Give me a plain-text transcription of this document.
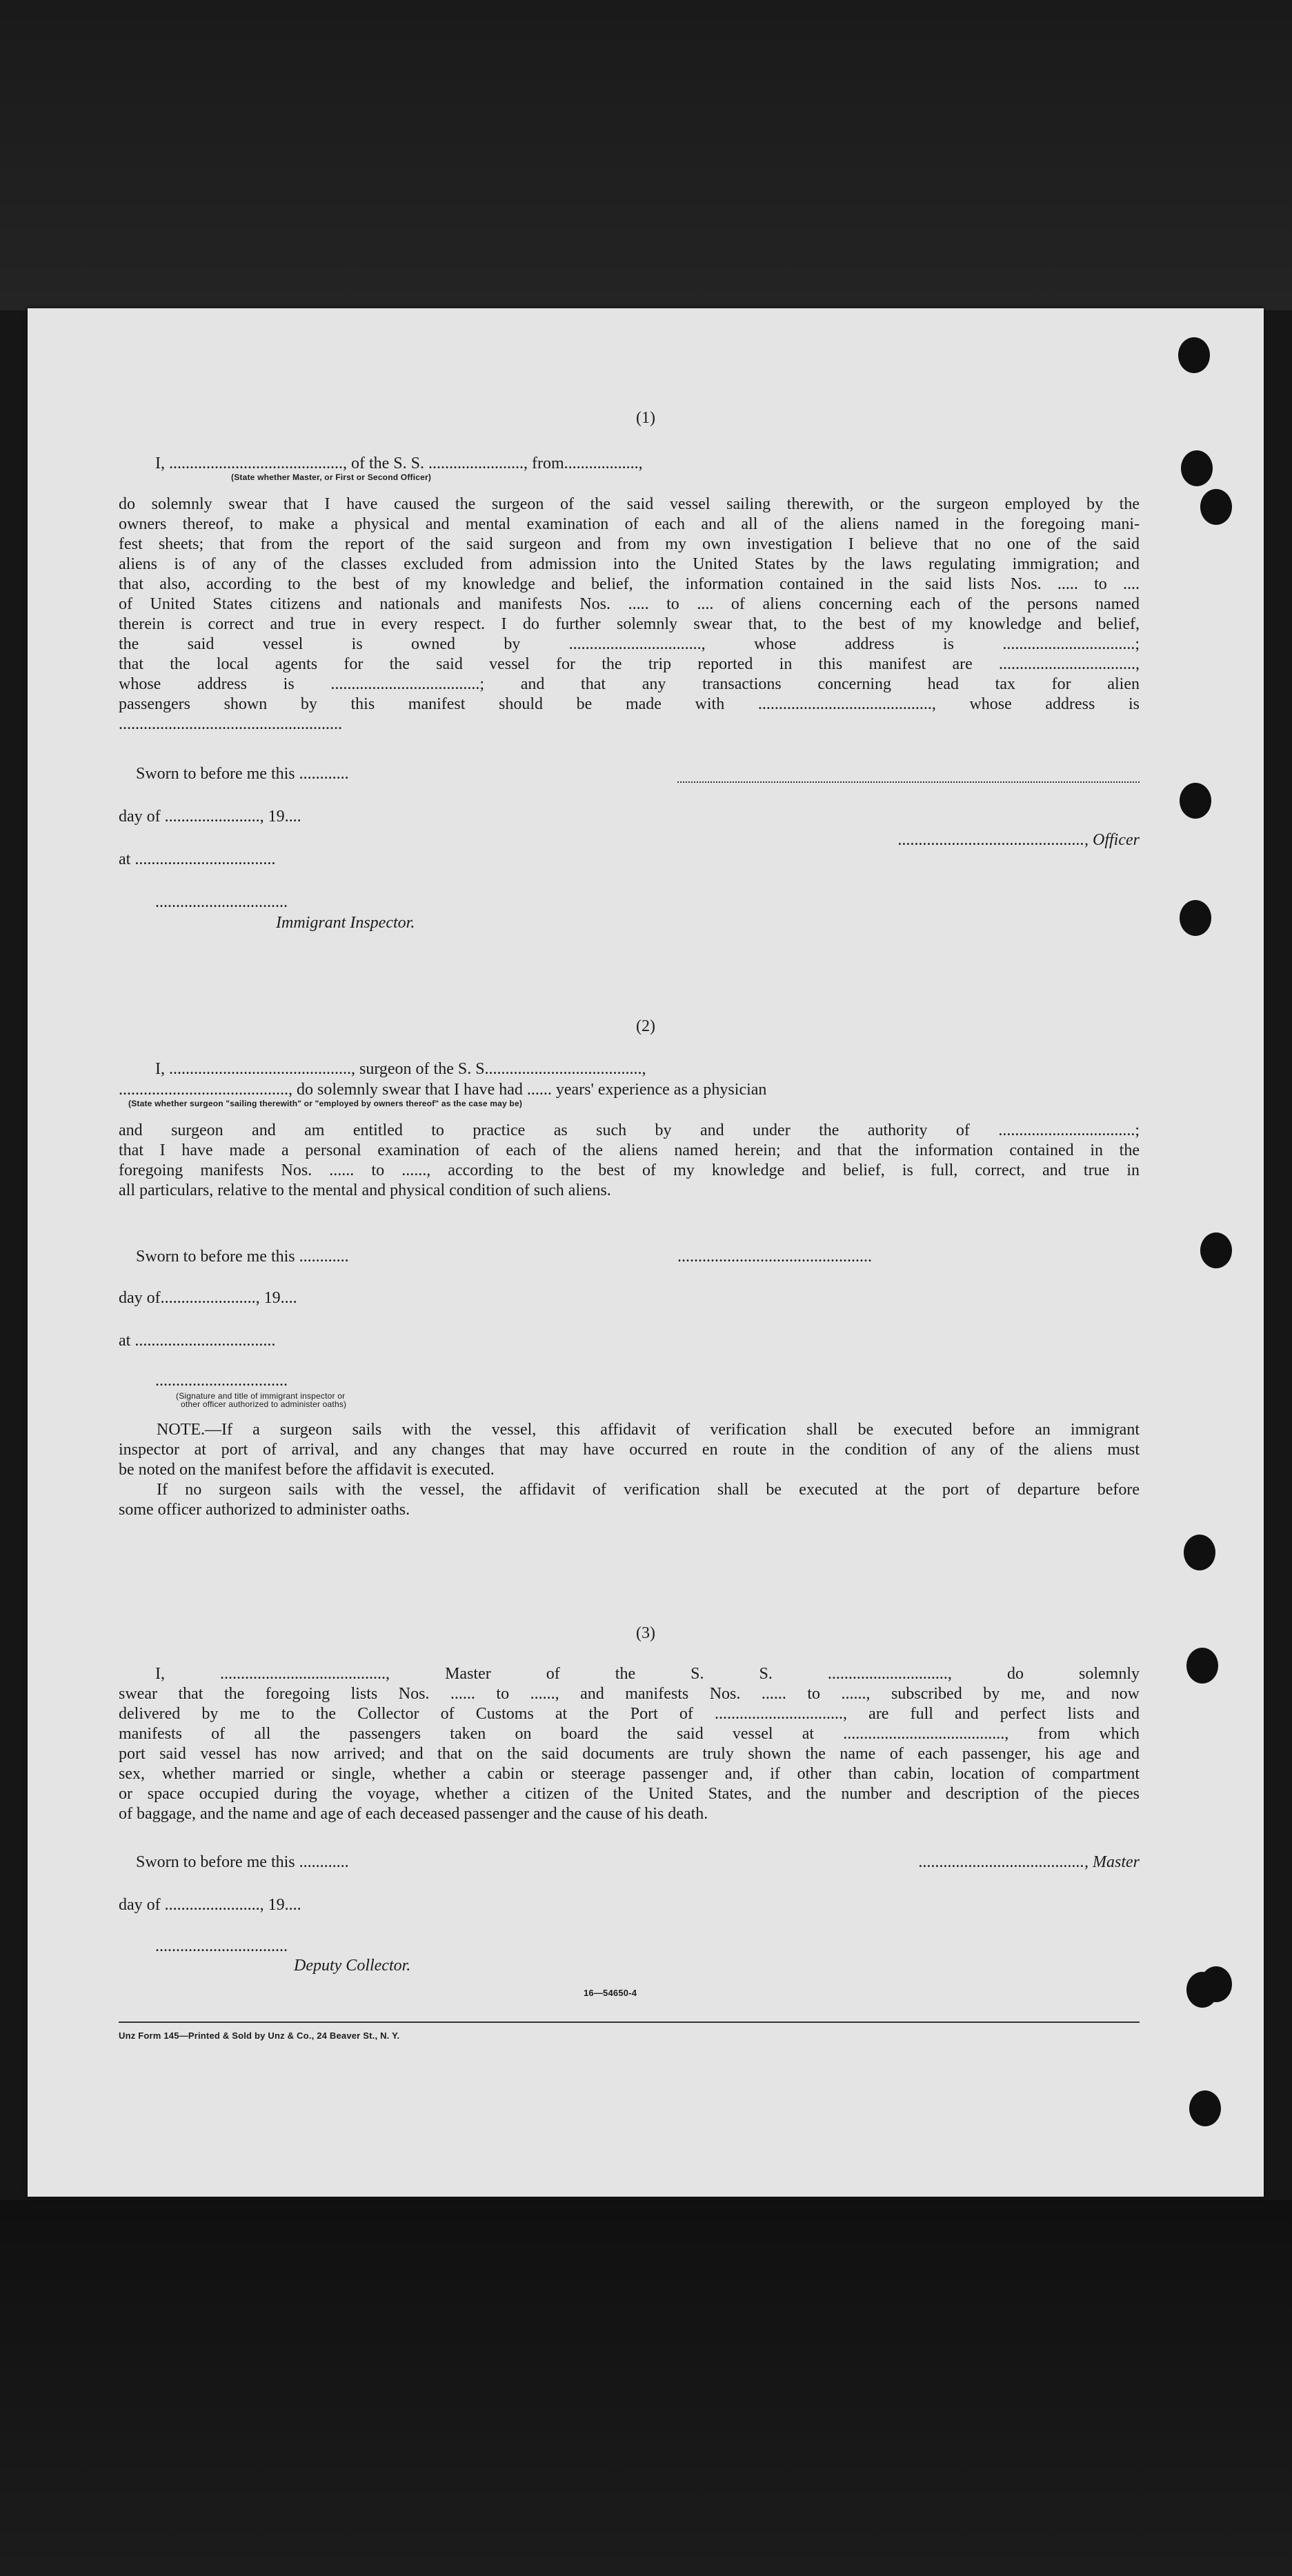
(1)
I, .........................................., of the S. S. ......................., from..................,
(State whether Master, or First or Second Officer)
do solemnly swear that I have caused the surgeon of the said vessel sailing therewith, or the surgeon employed by the
owners thereof, to make a physical and mental examination of each and all of the aliens named in the foregoing mani-
fest sheets; that from the report of the said surgeon and from my own investigation I believe that no one of the said
aliens is of any of the classes excluded from admission into the United States by the laws regulating immigration; and
that also, according to the best of my knowledge and belief, the information contained in the said lists Nos. ..... to ....
of United States citizens and nationals and manifests Nos. ..... to .... of aliens concerning each of the persons named
therein is correct and true in every respect. I do further solemnly swear that, to the best of my knowledge and belief,
the said vessel is owned by ................................, whose address is ................................;
that the local agents for the said vessel for the trip reported in this manifest are .................................,
whose address is ....................................; and that any transactions concerning head tax for alien
passengers shown by this manifest should be made with .........................................., whose address is
......................................................
Sworn to before me this ............
day of ......................., 19....
............................................., Officer
at ..................................
................................
Immigrant Inspector.
(2)
I, ............................................, surgeon of the S. S......................................,
........................................., do solemnly swear that I have had ...... years' experience as a physician
(State whether surgeon "sailing therewith" or "employed by owners thereof" as the case may be)
and surgeon and am entitled to practice as such by and under the authority of .................................;
that I have made a personal examination of each of the aliens named herein; and that the information contained in the
foregoing manifests Nos. ...... to ......, according to the best of my knowledge and belief, is full, correct, and true in
all particulars, relative to the mental and physical condition of such aliens.
Sworn to before me this ............	...............................................
day of......................., 19....
at ..................................
................................
(Signature and title of immigrant inspector or
other officer authorized to administer oaths)
NOTE.—If a surgeon sails with the vessel, this affidavit of verification shall be executed before an immigrant
inspector at port of arrival, and any changes that may have occurred en route in the condition of any of the aliens must
be noted on the manifest before the affidavit is executed.
If no surgeon sails with the vessel, the affidavit of verification shall be executed at the port of departure before
some officer authorized to administer oaths.
(3)
I, ........................................, Master of the S. S. ............................., do solemnly
swear that the foregoing lists Nos. ...... to ......, and manifests Nos. ...... to ......, subscribed by me, and now
delivered by me to the Collector of Customs at the Port of ..............................., are full and perfect lists and
manifests of all the passengers taken on board the said vessel at ......................................., from which
port said vessel has now arrived; and that on the said documents are truly shown the name of each passenger, his age and
sex, whether married or single, whether a cabin or steerage passenger and, if other than cabin, location of compartment
or space occupied during the voyage, whether a citizen of the United States, and the number and description of the pieces
of baggage, and the name and age of each deceased passenger and the cause of his death.
Sworn to before me this ............	........................................, Master
day of ......................., 19....
................................
Deputy Collector.
16—54650-4
Unz Form 145—Printed & Sold by Unz & Co., 24 Beaver St., N. Y.
